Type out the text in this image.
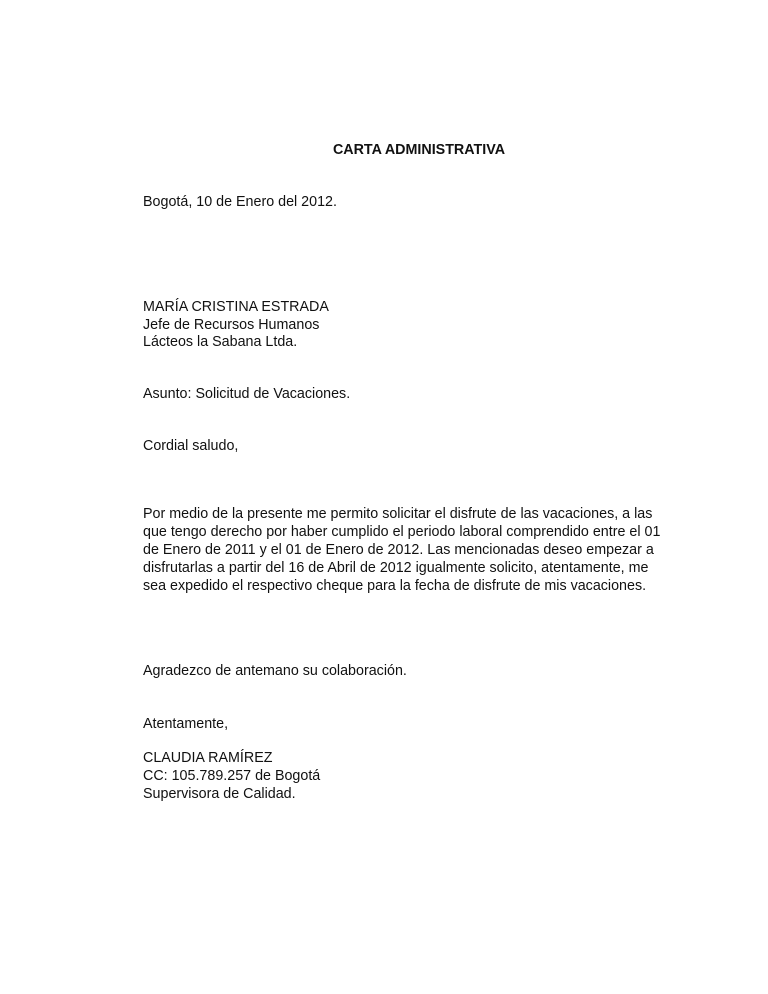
CARTA ADMINISTRATIVA

Bogotá, 10 de Enero del 2012.

MARÍA CRISTINA ESTRADA

Jefe de Recursos Humanos

Lácteos la Sabana Ltda.

Asunto: Solicitud de Vacaciones.

Cordial saludo,

Por medio de la presente me permito solicitar el disfrute de las vacaciones, a las
que tengo derecho por haber cumplido el periodo laboral comprendido entre el 01
de Enero de 2011 y el 01 de Enero de 2012. Las mencionadas deseo empezar a
disfrutarlas a partir del 16 de Abril de 2012 igualmente solicito, atentamente, me
sea expedido el respectivo cheque para la fecha de disfrute de mis vacaciones.

Agradezco de antemano su colaboración.

Atentamente,

CLAUDIA RAMÍREZ

CC: 105.789.257 de Bogotá

Supervisora de Calidad.
